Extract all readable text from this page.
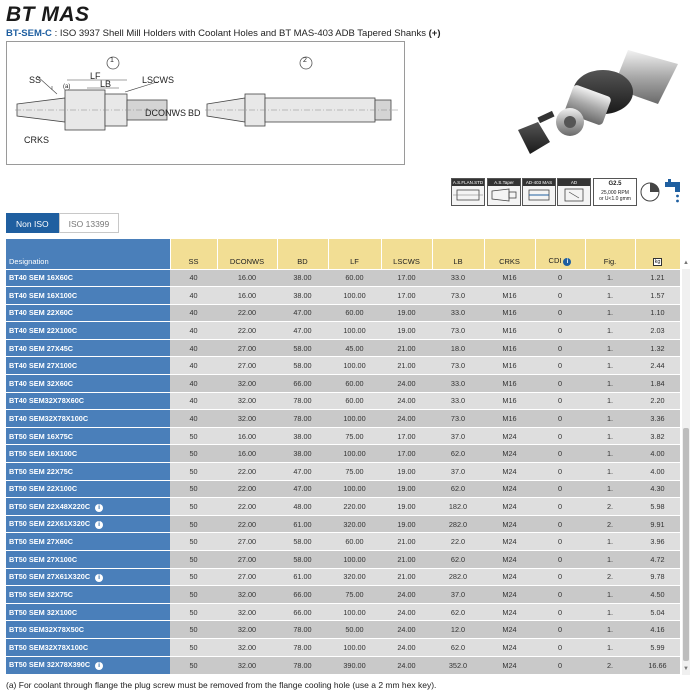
BT MAS
BT-SEM-C : ISO 3937 Shell Mill Holders with Coolant Holes and BT MAS-403 ADB Tapered Shanks (+)
1	2
SS
(a)
LF
LB	LSCWS
DCONWS BD
CRKS
A.S.FLAN.STD	A.S.Taper	AD-403 MAS	AD	G2.5
25,000 RPM
or U<1.0 gmm
Non ISO	ISO 13399
Designation	SS	DCONWS	BD	LF	LSCWS	LB	CRKS	CDI i	Fig.	kg
BT40 SEM 16X60C	40	16.00	38.00	60.00	17.00	33.0	M16	0	1.	1.21
BT40 SEM 16X100C	40	16.00	38.00	100.00	17.00	73.0	M16	0	1.	1.57
BT40 SEM 22X60C	40	22.00	47.00	60.00	19.00	33.0	M16	0	1.	1.10
BT40 SEM 22X100C	40	22.00	47.00	100.00	19.00	73.0	M16	0	1.	2.03
BT40 SEM 27X45C	40	27.00	58.00	45.00	21.00	18.0	M16	0	1.	1.32
BT40 SEM 27X100C	40	27.00	58.00	100.00	21.00	73.0	M16	0	1.	2.44
BT40 SEM 32X60C	40	32.00	66.00	60.00	24.00	33.0	M16	0	1.	1.84
BT40 SEM32X78X60C	40	32.00	78.00	60.00	24.00	33.0	M16	0	1.	2.20
BT40 SEM32X78X100C	40	32.00	78.00	100.00	24.00	73.0	M16	0	1.	3.36
BT50 SEM 16X75C	50	16.00	38.00	75.00	17.00	37.0	M24	0	1.	3.82
BT50 SEM 16X100C	50	16.00	38.00	100.00	17.00	62.0	M24	0	1.	4.00
BT50 SEM 22X75C	50	22.00	47.00	75.00	19.00	37.0	M24	0	1.	4.00
BT50 SEM 22X100C	50	22.00	47.00	100.00	19.00	62.0	M24	0	1.	4.30
BT50 SEM 22X48X220C i	50	22.00	48.00	220.00	19.00	182.0	M24	0	2.	5.98
BT50 SEM 22X61X320C i	50	22.00	61.00	320.00	19.00	282.0	M24	0	2.	9.91
BT50 SEM 27X60C	50	27.00	58.00	60.00	21.00	22.0	M24	0	1.	3.96
BT50 SEM 27X100C	50	27.00	58.00	100.00	21.00	62.0	M24	0	1.	4.72
BT50 SEM 27X61X320C i	50	27.00	61.00	320.00	21.00	282.0	M24	0	2.	9.78
BT50 SEM 32X75C	50	32.00	66.00	75.00	24.00	37.0	M24	0	1.	4.50
BT50 SEM 32X100C	50	32.00	66.00	100.00	24.00	62.0	M24	0	1.	5.04
BT50 SEM32X78X50C	50	32.00	78.00	50.00	24.00	12.0	M24	0	1.	4.16
BT50 SEM32X78X100C	50	32.00	78.00	100.00	24.00	62.0	M24	0	1.	5.99
BT50 SEM 32X78X390C i	50	32.00	78.00	390.00	24.00	352.0	M24	0	2.	16.66
▲
▼
(a) For coolant through flange the plug screw must be removed from the flange cooling hole (use a 2 mm hex key).
